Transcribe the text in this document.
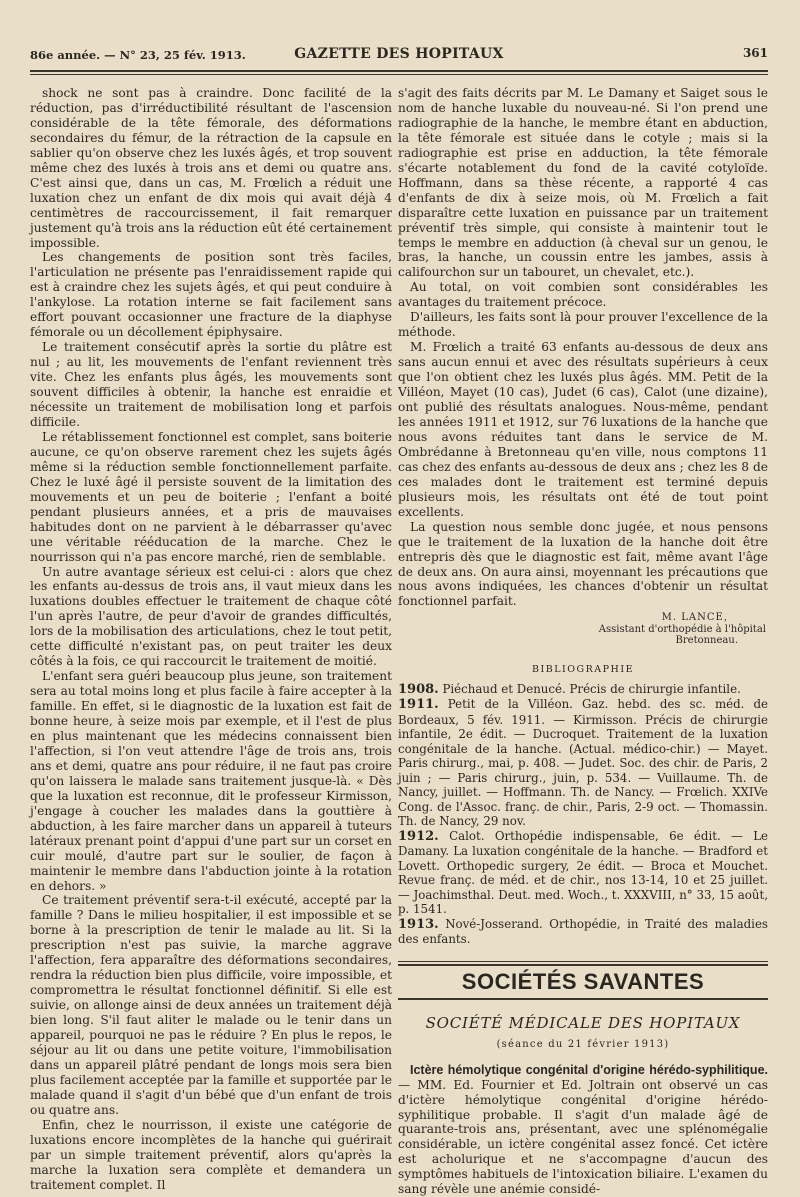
86e année. — N° 23, 25 fév. 1913.	GAZETTE DES HOPITAUX	361

shock ne sont pas à craindre. Donc facilité de la réduction, pas d'irréductibilité résultant de l'ascension considérable de la tête fémorale, des déformations secondaires du fémur, de la rétraction de la capsule en sablier qu'on observe chez les luxés âgés, et trop souvent même chez des luxés à trois ans et demi ou quatre ans. C'est ainsi que, dans un cas, M. Frœlich a réduit une luxation chez un enfant de dix mois qui avait déjà 4 centimètres de raccourcissement, il fait remarquer justement qu'à trois ans la réduction eût été certainement impossible.

Les changements de position sont très faciles, l'articulation ne présente pas l'enraidissement rapide qui est à craindre chez les sujets âgés, et qui peut conduire à l'ankylose. La rotation interne se fait facilement sans effort pouvant occasionner une fracture de la diaphyse fémorale ou un décollement épiphysaire.

Le traitement consécutif après la sortie du plâtre est nul ; au lit, les mouvements de l'enfant reviennent très vite. Chez les enfants plus âgés, les mouvements sont souvent difficiles à obtenir, la hanche est enraidie et nécessite un traitement de mobilisation long et parfois difficile.

Le rétablissement fonctionnel est complet, sans boiterie aucune, ce qu'on observe rarement chez les sujets âgés même si la réduction semble fonctionnellement parfaite. Chez le luxé âgé il persiste souvent de la limitation des mouvements et un peu de boiterie ; l'enfant a boité pendant plusieurs années, et a pris de mauvaises habitudes dont on ne parvient à le débarrasser qu'avec une véritable rééducation de la marche. Chez le nourrisson qui n'a pas encore marché, rien de semblable.

Un autre avantage sérieux est celui-ci : alors que chez les enfants au-dessus de trois ans, il vaut mieux dans les luxations doubles effectuer le traitement de chaque côté l'un après l'autre, de peur d'avoir de grandes difficultés, lors de la mobilisation des articulations, chez le tout petit, cette difficulté n'existant pas, on peut traiter les deux côtés à la fois, ce qui raccourcit le traitement de moitié.

L'enfant sera guéri beaucoup plus jeune, son traitement sera au total moins long et plus facile à faire accepter à la famille. En effet, si le diagnostic de la luxation est fait de bonne heure, à seize mois par exemple, et il l'est de plus en plus maintenant que les médecins connaissent bien l'affection, si l'on veut attendre l'âge de trois ans, trois ans et demi, quatre ans pour réduire, il ne faut pas croire qu'on laissera le malade sans traitement jusque-là. « Dès que la luxation est reconnue, dit le professeur Kirmisson, j'engage à coucher les malades dans la gouttière à abduction, à les faire marcher dans un appareil à tuteurs latéraux prenant point d'appui d'une part sur un corset en cuir moulé, d'autre part sur le soulier, de façon à maintenir le membre dans l'abduction jointe à la rotation en dehors. »

Ce traitement préventif sera-t-il exécuté, accepté par la famille ? Dans le milieu hospitalier, il est impossible et se borne à la prescription de tenir le malade au lit. Si la prescription n'est pas suivie, la marche aggrave l'affection, fera apparaître des déformations secondaires, rendra la réduction bien plus difficile, voire impossible, et compromettra le résultat fonctionnel définitif. Si elle est suivie, on allonge ainsi de deux années un traitement déjà bien long. S'il faut aliter le malade ou le tenir dans un appareil, pourquoi ne pas le réduire ? En plus le repos, le séjour au lit ou dans une petite voiture, l'immobilisation dans un appareil plâtré pendant de longs mois sera bien plus facilement acceptée par la famille et supportée par le malade quand il s'agit d'un bébé que d'un enfant de trois ou quatre ans.

Enfin, chez le nourrisson, il existe une catégorie de luxations encore incomplètes de la hanche qui guérirait par un simple traitement préventif, alors qu'après la marche la luxation sera complète et demandera un traitement complet. Il

s'agit des faits décrits par M. Le Damany et Saiget sous le nom de hanche luxable du nouveau-né. Si l'on prend une radiographie de la hanche, le membre étant en abduction, la tête fémorale est située dans le cotyle ; mais si la radiographie est prise en adduction, la tête fémorale s'écarte notablement du fond de la cavité cotyloïde. Hoffmann, dans sa thèse récente, a rapporté 4 cas d'enfants de dix à seize mois, où M. Frœlich a fait disparaître cette luxation en puissance par un traitement préventif très simple, qui consiste à maintenir tout le temps le membre en adduction (à cheval sur un genou, le bras, la hanche, un coussin entre les jambes, assis à califourchon sur un tabouret, un chevalet, etc.).

Au total, on voit combien sont considérables les avantages du traitement précoce.

D'ailleurs, les faits sont là pour prouver l'excellence de la méthode.

M. Frœlich a traité 63 enfants au-dessous de deux ans sans aucun ennui et avec des résultats supérieurs à ceux que l'on obtient chez les luxés plus âgés. MM. Petit de la Villéon, Mayet (10 cas), Judet (6 cas), Calot (une dizaine), ont publié des résultats analogues. Nous-même, pendant les années 1911 et 1912, sur 76 luxations de la hanche que nous avons réduites tant dans le service de M. Ombrédanne à Bretonneau qu'en ville, nous comptons 11 cas chez des enfants au-dessous de deux ans ; chez les 8 de ces malades dont le traitement est terminé depuis plusieurs mois, les résultats ont été de tout point excellents.

La question nous semble donc jugée, et nous pensons que le traitement de la luxation de la hanche doit être entrepris dès que le diagnostic est fait, même avant l'âge de deux ans. On aura ainsi, moyennant les précautions que nous avons indiquées, les chances d'obtenir un résultat fonctionnel parfait.

M. LANCE,
Assistant d'orthopédie à l'hôpital
Bretonneau.
BIBLIOGRAPHIE

1908. Piéchaud et Denucé. Précis de chirurgie infantile.

1911. Petit de la Villéon. Gaz. hebd. des sc. méd. de Bordeaux, 5 fév. 1911. — Kirmisson. Précis de chirurgie infantile, 2e édit. — Ducroquet. Traitement de la luxation congénitale de la hanche. (Actual. médico-chir.) — Mayet. Paris chirurg., mai, p. 408. — Judet. Soc. des chir. de Paris, 2 juin ; — Paris chirurg., juin, p. 534. — Vuillaume. Th. de Nancy, juillet. — Hoffmann. Th. de Nancy. — Frœlich. XXIVe Cong. de l'Assoc. franç. de chir., Paris, 2-9 oct. — Thomassin. Th. de Nancy, 29 nov.

1912. Calot. Orthopédie indispensable, 6e édit. — Le Damany. La luxation congénitale de la hanche. — Bradford et Lovett. Orthopedic surgery, 2e édit. — Broca et Mouchet. Revue franç. de méd. et de chir., nos 13-14, 10 et 25 juillet. — Joachimsthal. Deut. med. Woch., t. XXXVIII, n° 33, 15 août, p. 1541.

1913. Nové-Josserand. Orthopédie, in Traité des maladies des enfants.

SOCIÉTÉS SAVANTES
SOCIÉTÉ MÉDICALE DES HOPITAUX
(séance du 21 février 1913)

Ictère hémolytique congénital d'origine hérédo-syphilitique. — MM. Ed. Fournier et Ed. Joltrain ont observé un cas d'ictère hémolytique congénital d'origine hérédo-syphilitique probable. Il s'agit d'un malade âgé de quarante-trois ans, présentant, avec une splénomégalie considérable, un ictère congénital assez foncé. Cet ictère est acholurique et ne s'accompagne d'aucun des symptômes habituels de l'intoxication biliaire. L'examen du sang révèle une anémie considé-
